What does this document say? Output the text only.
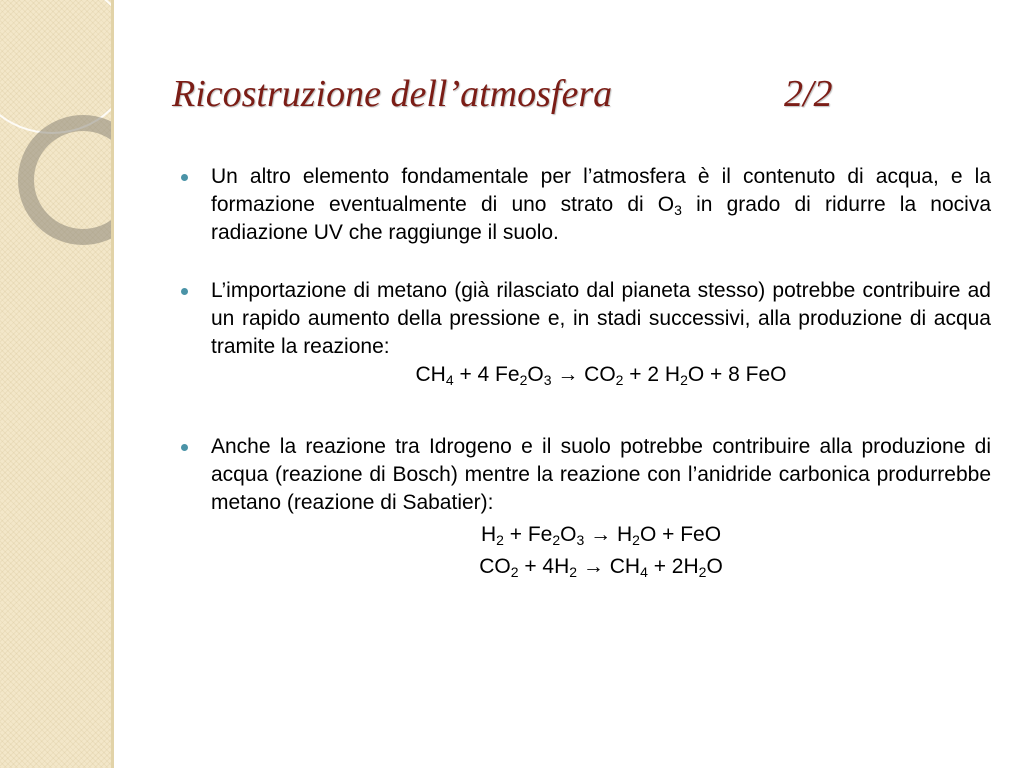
Ricostruzione dell’atmosfera	2/2

Un altro elemento fondamentale per l’atmosfera è il contenuto di acqua, e la formazione eventualmente di uno strato di $O_3$ in grado di ridurre la nociva radiazione UV che raggiunge il suolo.

L’importazione di metano (già rilasciato dal pianeta stesso) potrebbe contribuire ad un rapido aumento della pressione e, in stadi successivi, alla produzione di acqua tramite la reazione:

$CH_4 + 4$ $Fe_2O_3 \to CO_2 + 2$ $H_2O + 8$ FeO

Anche la reazione tra Idrogeno e il suolo potrebbe contribuire alla produzione di acqua (reazione di Bosch) mentre la reazione con l’anidride carbonica produrrebbe metano (reazione di Sabatier):

$H_2 + Fe_2O_3 \to H_2O$ + FeO

$CO_2 + 4H_2 \to CH_4 + 2H_2O$
